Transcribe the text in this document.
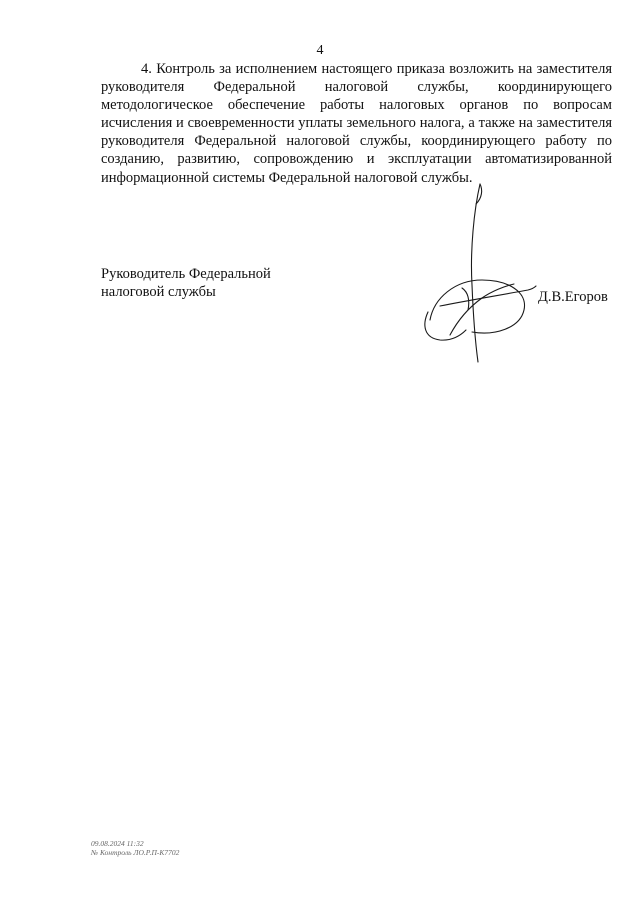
4

4. Контроль за исполнением настоящего приказа возложить на заместителя руководителя Федеральной налоговой службы, координирующего методологическое обеспечение работы налоговых органов по вопросам исчисления и своевременности уплаты земельного налога, а также на заместителя руководителя Федеральной налоговой службы, координирующего работу по созданию, развитию, сопровождению и эксплуатации автоматизированной информационной системы Федеральной налоговой службы.

Руководитель Федеральной
налоговой службы	Д.В.Егоров
09.08.2024 11:32
№ Контроль ЛО.Р.П-К7702
